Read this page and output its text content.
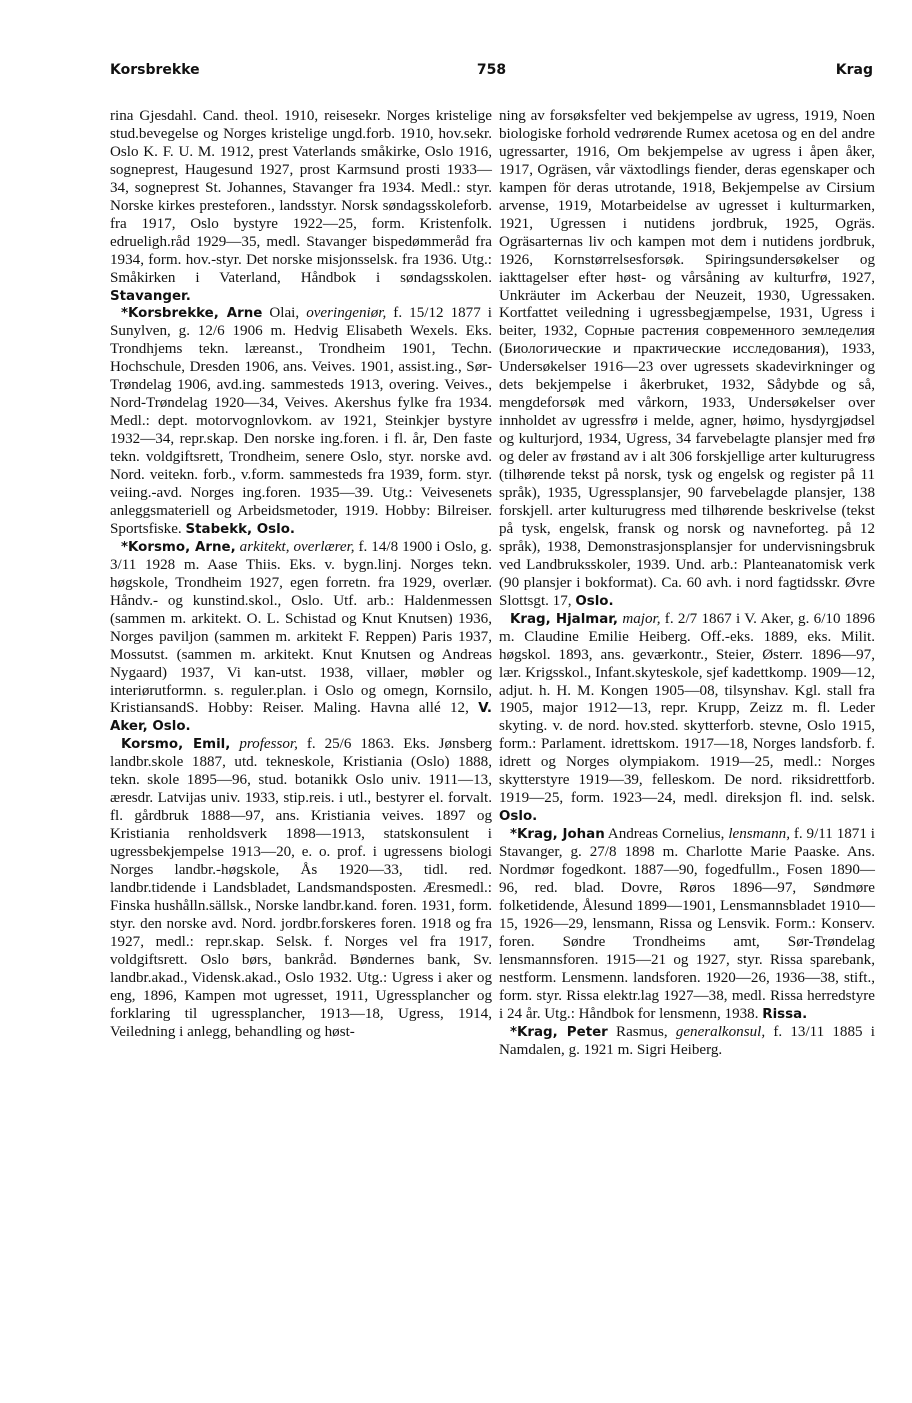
Korsbrekke	758	Krag

rina Gjesdahl. Cand. theol. 1910, reisesekr. Norges kristelige stud.bevegelse og Norges kristelige ungd.forb. 1910, hov.sekr. Oslo K. F. U. M. 1912, prest Vaterlands småkirke, Oslo 1916, sogneprest, Haugesund 1927, prost Karmsund prosti 1933—34, sogneprest St. Johannes, Stavanger fra 1934. Medl.: styr. Norske kirkes presteforen., landsstyr. Norsk søndagsskoleforb. fra 1917, Oslo bystyre 1922—25, form. Kristenfolk. edrueligh.råd 1929—35, medl. Stavanger bispedømmeråd fra 1934, form. hov.-styr. Det norske misjonsselsk. fra 1936. Utg.: Småkirken i Vaterland, Håndbok i søndagsskolen. Stavanger.

*Korsbrekke, Arne Olai, overingeniør, f. 15/12 1877 i Sunylven, g. 12/6 1906 m. Hedvig Elisabeth Wexels. Eks. Trondhjems tekn. læreanst., Trondheim 1901, Techn. Hochschule, Dresden 1906, ans. Veives. 1901, assist.ing., Sør-Trøndelag 1906, avd.ing. sammesteds 1913, overing. Veives., Nord-Trøndelag 1920—34, Veives. Akershus fylke fra 1934. Medl.: dept. motorvognlovkom. av 1921, Steinkjer bystyre 1932—34, repr.skap. Den norske ing.foren. i fl. år, Den faste tekn. voldgiftsrett, Trondheim, senere Oslo, styr. norske avd. Nord. veitekn. forb., v.form. sammesteds fra 1939, form. styr. veiing.-avd. Norges ing.foren. 1935—39. Utg.: Veivesenets anleggsmateriell og Arbeidsmetoder, 1919. Hobby: Bilreiser. Sportsfiske. Stabekk, Oslo.

*Korsmo, Arne, arkitekt, overlærer, f. 14/8 1900 i Oslo, g. 3/11 1928 m. Aase Thiis. Eks. v. bygn.linj. Norges tekn. høgskole, Trondheim 1927, egen forretn. fra 1929, overlær. Håndv.- og kunstind.skol., Oslo. Utf. arb.: Haldenmessen (sammen m. arkitekt. O. L. Schistad og Knut Knutsen) 1936, Norges paviljon (sammen m. arkitekt F. Reppen) Paris 1937, Mossutst. (sammen m. arkitekt. Knut Knutsen og Andreas Nygaard) 1937, Vi kan-utst. 1938, villaer, møbler og interiørutformn. s. reguler.plan. i Oslo og omegn, Kornsilo, KristiansandS. Hobby: Reiser. Maling. Havna allé 12, V. Aker, Oslo.

Korsmo, Emil, professor, f. 25/6 1863. Eks. Jønsberg landbr.skole 1887, utd. tekneskole, Kristiania (Oslo) 1888, tekn. skole 1895—96, stud. botanikk Oslo univ. 1911—13, æresdr. Latvijas univ. 1933, stip.reis. i utl., bestyrer el. forvalt. fl. gårdbruk 1888—97, ans. Kristiania veives. 1897 og Kristiania renholdsverk 1898—1913, statskonsulent i ugressbekjempelse 1913—20, e. o. prof. i ugressens biologi Norges landbr.-høgskole, Ås 1920—33, tidl. red. landbr.tidende i Landsbladet, Landsmandsposten. Æresmedl.: Finska hushålln.sällsk., Norske landbr.kand. foren. 1931, form. styr. den norske avd. Nord. jordbr.forskeres foren. 1918 og fra 1927, medl.: repr.skap. Selsk. f. Norges vel fra 1917, voldgiftsrett. Oslo børs, bankråd. Bøndernes bank, Sv. landbr.akad., Vidensk.akad., Oslo 1932. Utg.: Ugress i aker og eng, 1896, Kampen mot ugresset, 1911, Ugressplancher og forklaring til ugressplancher, 1913—18, Ugress, 1914, Veiledning i anlegg, behandling og høst-

ning av forsøksfelter ved bekjempelse av ugress, 1919, Noen biologiske forhold vedrørende Rumex acetosa og en del andre ugressarter, 1916, Om bekjempelse av ugress i åpen åker, 1917, Ogräsen, vår växtodlings fiender, deras egenskaper och kampen för deras utrotande, 1918, Bekjempelse av Cirsium arvense, 1919, Motarbeidelse av ugresset i kulturmarken, 1921, Ugressen i nutidens jordbruk, 1925, Ogräs. Ogräsarternas liv och kampen mot dem i nutidens jordbruk, 1926, Kornstørrelsesforsøk. Spiringsundersøkelser og iakttagelser efter høst- og vårsåning av kulturfrø, 1927, Unkräuter im Ackerbau der Neuzeit, 1930, Ugressaken. Kortfattet veiledning i ugressbegjæmpelse, 1931, Ugress i beiter, 1932, Сорные растения современного земледелия (Биологические и практические исследования), 1933, Undersøkelser 1916—23 over ugressets skadevirkninger og dets bekjempelse i åkerbruket, 1932, Sådybde og så, mengdeforsøk med vårkorn, 1933, Undersøkelser over innholdet av ugressfrø i melde, agner, høimo, hysdyrgjødsel og kulturjord, 1934, Ugress, 34 farvebelagte plansjer med frø og deler av frøstand av i alt 306 forskjellige arter kulturugress (tilhørende tekst på norsk, tysk og engelsk og register på 11 språk), 1935, Ugressplansjer, 90 farvebelagde plansjer, 138 forskjell. arter kulturugress med tilhørende beskrivelse (tekst på tysk, engelsk, fransk og norsk og navneforteg. på 12 språk), 1938, Demonstrasjonsplansjer for undervisningsbruk ved Landbruksskoler, 1939. Und. arb.: Planteanatomisk verk (90 plansjer i bokformat). Ca. 60 avh. i nord fagtidsskr. Øvre Slottsgt. 17, Oslo.

Krag, Hjalmar, major, f. 2/7 1867 i V. Aker, g. 6/10 1896 m. Claudine Emilie Heiberg. Off.-eks. 1889, eks. Milit. høgskol. 1893, ans. geværkontr., Steier, Østerr. 1896—97, lær. Krigsskol., Infant.skyteskole, sjef kadettkomp. 1909—12, adjut. h. H. M. Kongen 1905—08, tilsynshav. Kgl. stall fra 1905, major 1912—13, repr. Krupp, Zeizz m. fl. Leder skyting. v. de nord. hov.sted. skytterforb. stevne, Oslo 1915, form.: Parlament. idrettskom. 1917—18, Norges landsforb. f. idrett og Norges olympiakom. 1919—25, medl.: Norges skytterstyre 1919—39, felleskom. De nord. riksidrettforb. 1919—25, form. 1923—24, medl. direksjon fl. ind. selsk. Oslo.

*Krag, Johan Andreas Cornelius, lensmann, f. 9/11 1871 i Stavanger, g. 27/8 1898 m. Charlotte Marie Paaske. Ans. Nordmør fogedkont. 1887—90, fogedfullm., Fosen 1890—96, red. blad. Dovre, Røros 1896—97, Søndmøre folketidende, Ålesund 1899—1901, Lensmannsbladet 1910—15, 1926—29, lensmann, Rissa og Lensvik. Form.: Konserv. foren. Søndre Trondheims amt, Sør-Trøndelag lensmannsforen. 1915—21 og 1927, styr. Rissa sparebank, nestform. Lensmenn. landsforen. 1920—26, 1936—38, stift., form. styr. Rissa elektr.lag 1927—38, medl. Rissa herredstyre i 24 år. Utg.: Håndbok for lensmenn, 1938. Rissa.

*Krag, Peter Rasmus, generalkonsul, f. 13/11 1885 i Namdalen, g. 1921 m. Sigri Heiberg.
